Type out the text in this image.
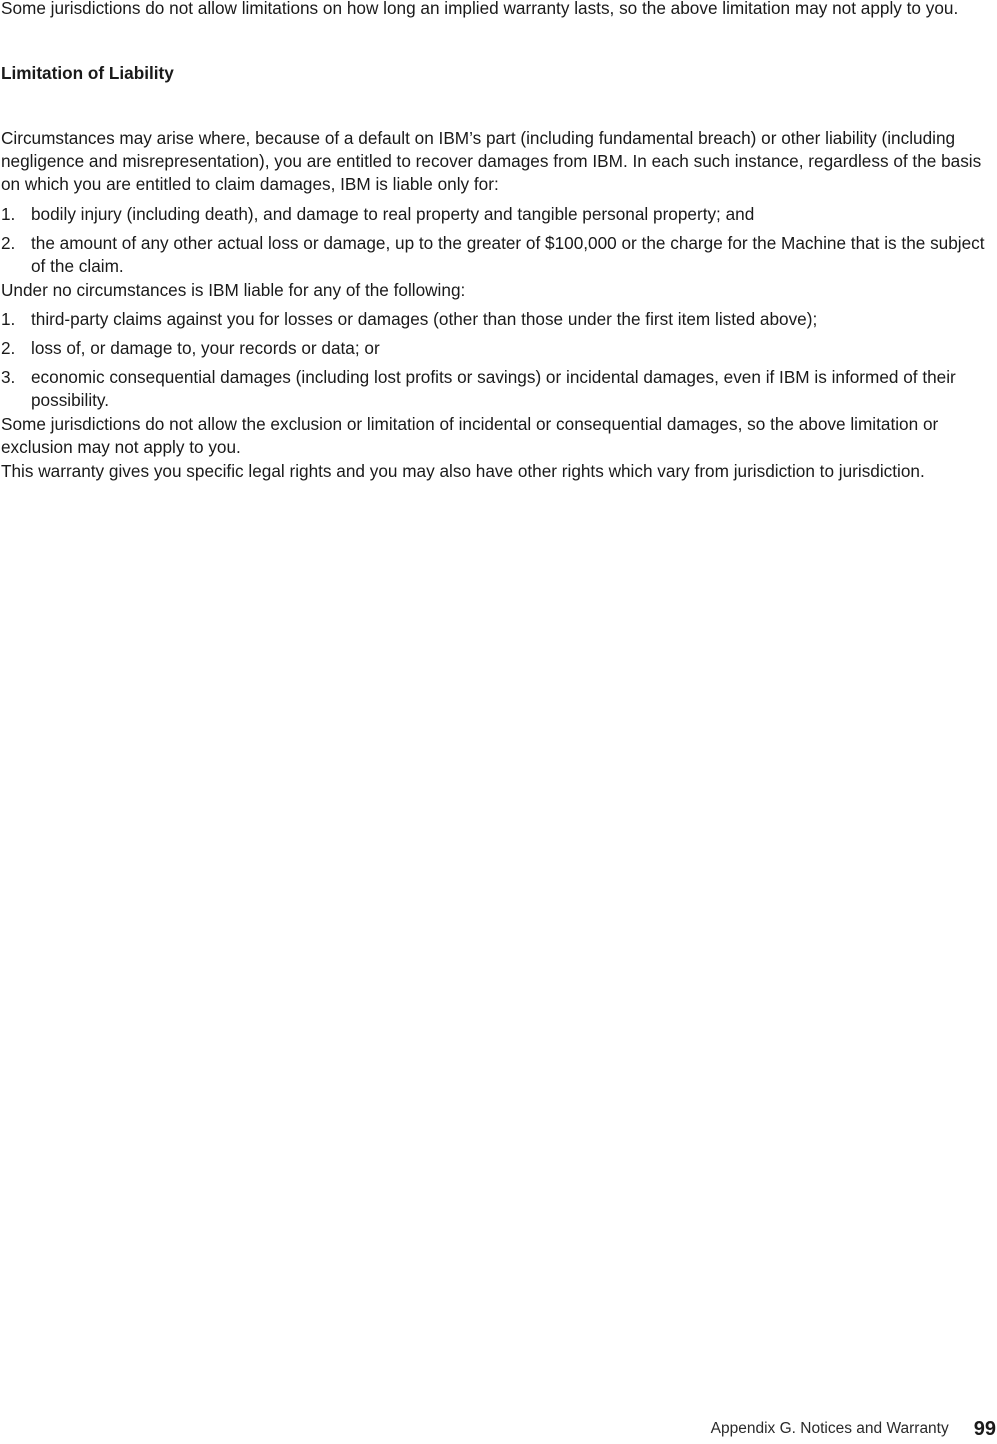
Some jurisdictions do not allow limitations on how long an implied warranty lasts, so the above limitation may not apply to you.

Limitation of Liability

Circumstances may arise where, because of a default on IBM’s part (including fundamental breach) or other liability (including negligence and misrepresentation), you are entitled to recover damages from IBM. In each such instance, regardless of the basis on which you are entitled to claim damages, IBM is liable only for:

1. bodily injury (including death), and damage to real property and tangible personal property; and
2. the amount of any other actual loss or damage, up to the greater of $100,000 or the charge for the Machine that is the subject of the claim.

Under no circumstances is IBM liable for any of the following:

1. third-party claims against you for losses or damages (other than those under the first item listed above);
2. loss of, or damage to, your records or data; or
3. economic consequential damages (including lost profits or savings) or incidental damages, even if IBM is informed of their possibility.

Some jurisdictions do not allow the exclusion or limitation of incidental or consequential damages, so the above limitation or exclusion may not apply to you.

This warranty gives you specific legal rights and you may also have other rights which vary from jurisdiction to jurisdiction.

Appendix G. Notices and Warranty 99
